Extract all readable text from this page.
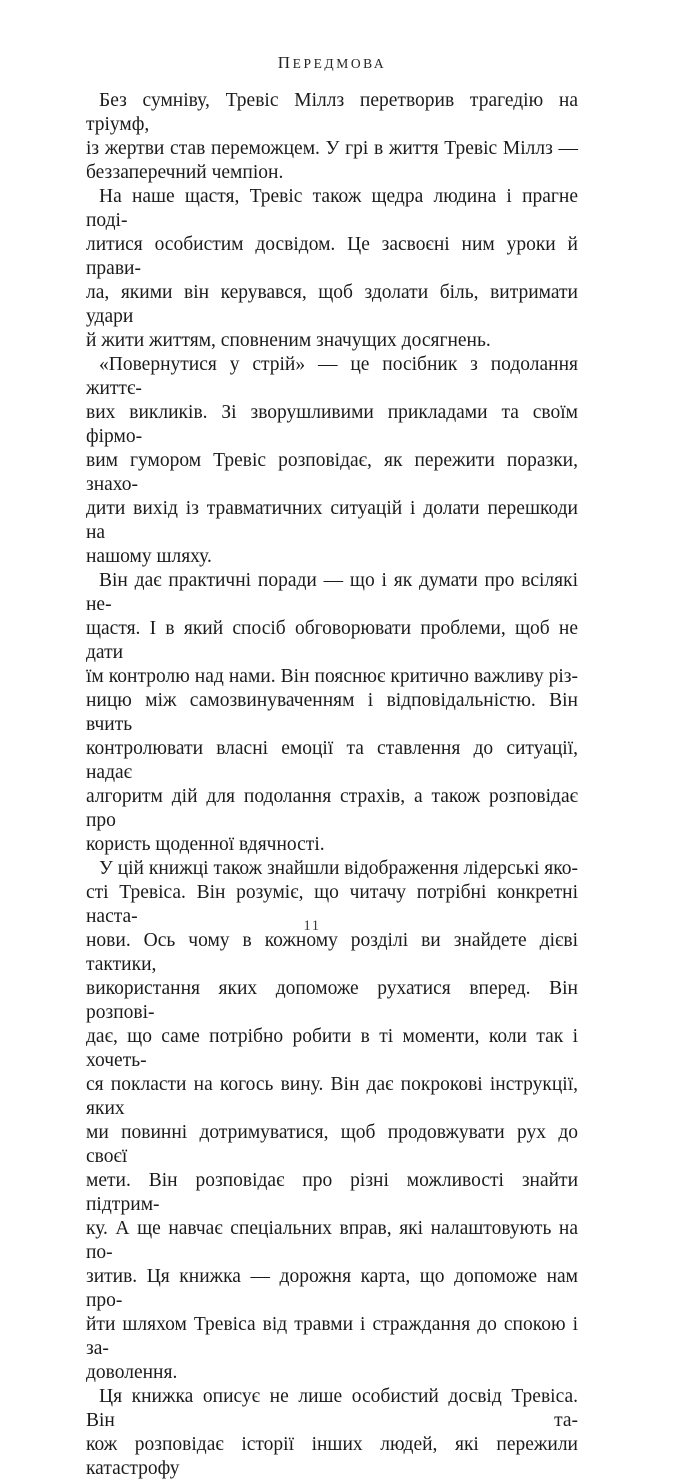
ПЕРЕДМОВА
Без сумніву, Тревіс Міллз перетворив трагедію на тріумф,
із жертви став переможцем. У грі в життя Тревіс Міллз —
беззаперечний чемпіон.
На наше щастя, Тревіс також щедра людина і прагне поді-
литися особистим досвідом. Це засвоєні ним уроки й прави-
ла, якими він керувався, щоб здолати біль, витримати удари
й жити життям, сповненим значущих досягнень.
«Повернутися у стрій» — це посібник з подолання життє-
вих викликів. Зі зворушливими прикладами та своїм фірмо-
вим гумором Тревіс розповідає, як пережити поразки, знахо-
дити вихід із травматичних ситуацій і долати перешкоди на
нашому шляху.
Він дає практичні поради — що і як думати про всілякі не-
щастя. І в який спосіб обговорювати проблеми, щоб не дати
їм контролю над нами. Він пояснює критично важливу різ-
ницю між самозвинуваченням і відповідальністю. Він вчить
контролювати власні емоції та ставлення до ситуації, надає
алгоритм дій для подолання страхів, а також розповідає про
користь щоденної вдячності.
У цій книжці також знайшли відображення лідерські яко-
сті Тревіса. Він розуміє, що читачу потрібні конкретні наста-
нови. Ось чому в кожному розділі ви знайдете дієві тактики,
використання яких допоможе рухатися вперед. Він розпові-
дає, що саме потрібно робити в ті моменти, коли так і хочеть-
ся покласти на когось вину. Він дає покрокові інструкції, яких
ми повинні дотримуватися, щоб продовжувати рух до своєї
мети. Він розповідає про різні можливості знайти підтрим-
ку. А ще навчає спеціальних вправ, які налаштовують на по-
зитив. Ця книжка — дорожня карта, що допоможе нам про-
йти шляхом Тревіса від травми і страждання до спокою і за-
доволення.
Ця книжка описує не лише особистий досвід Тревіса. Він та-
кож розповідає історії інших людей, які пережили катастрофу
11
